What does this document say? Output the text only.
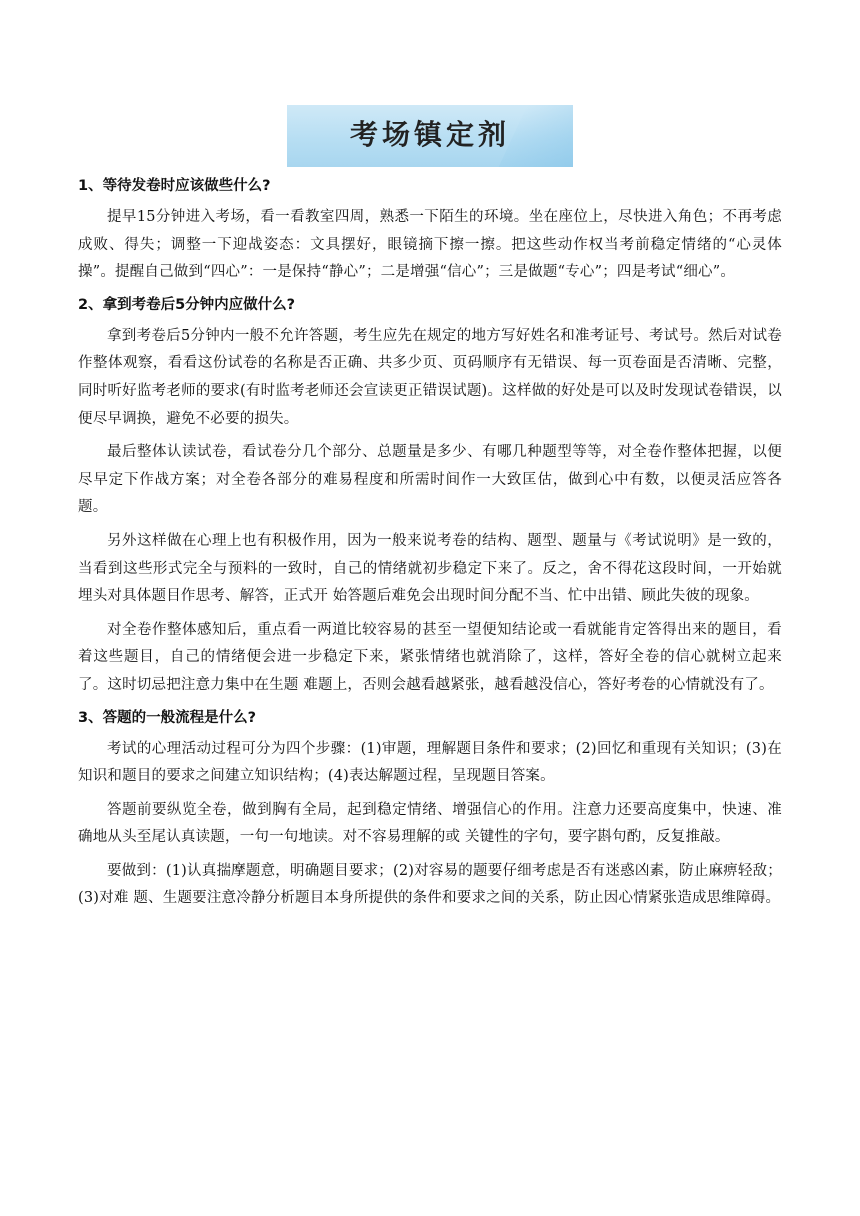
考场镇定剂
1、等待发卷时应该做些什么?

提早15分钟进入考场，看一看教室四周，熟悉一下陌生的环境。坐在座位上，尽快进入角色；不再考虑成败、得失；调整一下迎战姿态：文具摆好，眼镜摘下擦一擦。把这些动作权当考前稳定情绪的“心灵体操”。提醒自己做到“四心”：一是保持“静心”；二是增强“信心”；三是做题“专心”；四是考试“细心”。

2、拿到考卷后5分钟内应做什么?

拿到考卷后5分钟内一般不允许答题，考生应先在规定的地方写好姓名和准考证号、考试号。然后对试卷作整体观察，看看这份试卷的名称是否正确、共多少页、页码顺序有无错误、每一页卷面是否清晰、完整，同时听好监考老师的要求(有时监考老师还会宣读更正错误试题)。这样做的好处是可以及时发现试卷错误，以便尽早调换，避免不必要的损失。

最后整体认读试卷，看试卷分几个部分、总题量是多少、有哪几种题型等等，对全卷作整体把握，以便尽早定下作战方案；对全卷各部分的难易程度和所需时间作一大致匡估，做到心中有数，以便灵活应答各题。

另外这样做在心理上也有积极作用，因为一般来说考卷的结构、题型、题量与《考试说明》是一致的，当看到这些形式完全与预料的一致时，自己的情绪就初步稳定下来了。反之，舍不得花这段时间，一开始就埋头对具体题目作思考、解答，正式开 始答题后难免会出现时间分配不当、忙中出错、顾此失彼的现象。

对全卷作整体感知后，重点看一两道比较容易的甚至一望便知结论或一看就能肯定答得出来的题目，看着这些题目，自己的情绪便会进一步稳定下来，紧张情绪也就消除了，这样，答好全卷的信心就树立起来了。这时切忌把注意力集中在生题 难题上，否则会越看越紧张，越看越没信心，答好考卷的心情就没有了。

3、答题的一般流程是什么?

考试的心理活动过程可分为四个步骤：(1)审题，理解题目条件和要求；(2)回忆和重现有关知识；(3)在知识和题目的要求之间建立知识结构；(4)表达解题过程，呈现题目答案。

答题前要纵览全卷，做到胸有全局，起到稳定情绪、增强信心的作用。注意力还要高度集中，快速、准确地从头至尾认真读题，一句一句地读。对不容易理解的或 关键性的字句，要字斟句酌，反复推敲。

要做到：(1)认真揣摩题意，明确题目要求；(2)对容易的题要仔细考虑是否有迷惑凶素，防止麻痹轻敌；(3)对难 题、生题要注意冷静分析题目本身所提供的条件和要求之间的关系，防止因心情紧张造成思维障碍。
